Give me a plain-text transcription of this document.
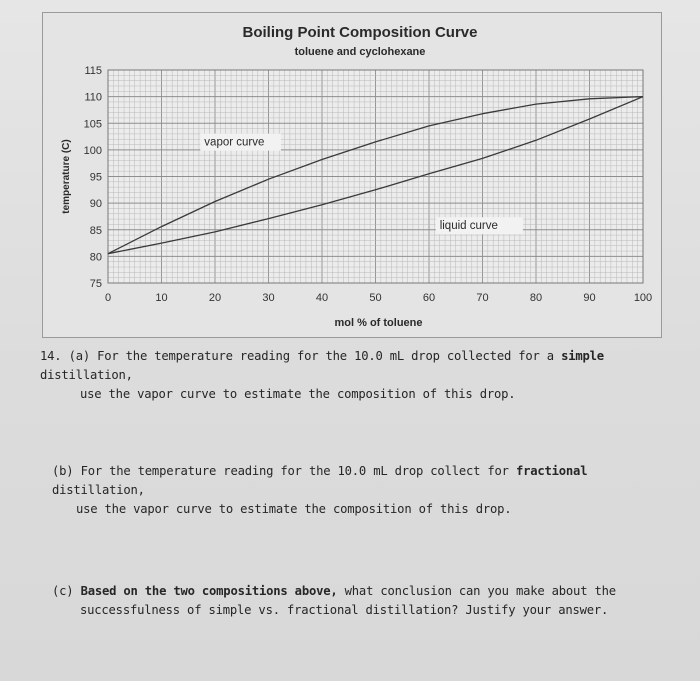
0	10	20	30	40	50	60	70	80	90	100
75
80
85
90
95
100
105
110
115
Boiling Point Composition Curve
toluene and cyclohexane
mol % of toluene
temperature (C)	vapor curve
liquid curve
14. (a) For the temperature reading for the 10.0 mL drop collected for a simple distillation,
use the vapor curve to estimate the composition of this drop.
(b) For the temperature reading for the 10.0 mL drop collect for fractional distillation,
use the vapor curve to estimate the composition of this drop.
(c) Based on the two compositions above, what conclusion can you make about the
successfulness of simple vs. fractional distillation? Justify your answer.
